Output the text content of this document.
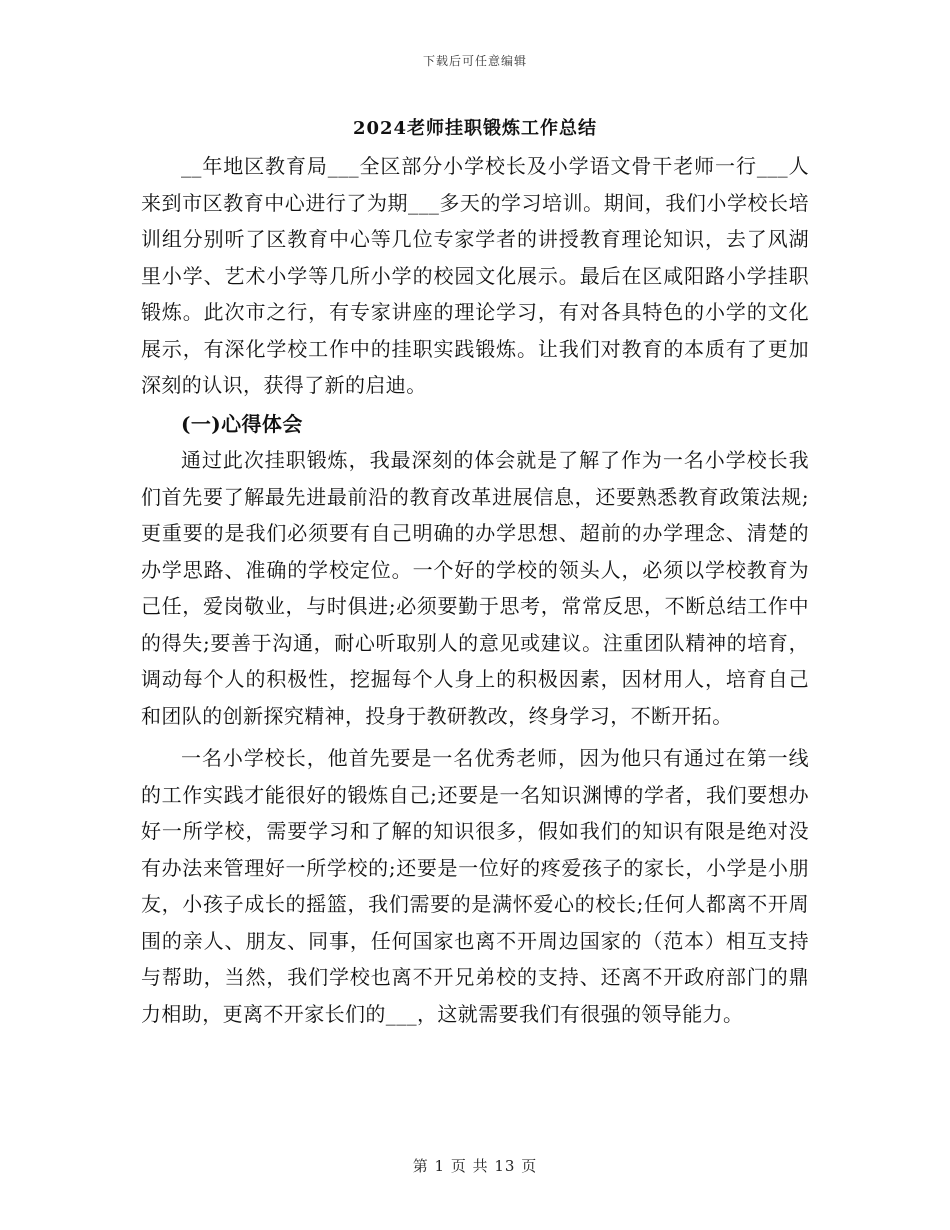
下载后可任意编辑
2024老师挂职锻炼工作总结

__年地区教育局___全区部分小学校长及小学语文骨干老师一行___人来到市区教育中心进行了为期___多天的学习培训。期间，我们小学校长培训组分别听了区教育中心等几位专家学者的讲授教育理论知识，去了风湖里小学、艺术小学等几所小学的校园文化展示。最后在区咸阳路小学挂职锻炼。此次市之行，有专家讲座的理论学习，有对各具特色的小学的文化展示，有深化学校工作中的挂职实践锻炼。让我们对教育的本质有了更加深刻的认识，获得了新的启迪。

(一)心得体会

通过此次挂职锻炼，我最深刻的体会就是了解了作为一名小学校长我们首先要了解最先进最前沿的教育改革进展信息，还要熟悉教育政策法规;更重要的是我们必须要有自己明确的办学思想、超前的办学理念、清楚的办学思路、准确的学校定位。一个好的学校的领头人，必须以学校教育为己任，爱岗敬业，与时俱进;必须要勤于思考，常常反思，不断总结工作中的得失;要善于沟通，耐心听取别人的意见或建议。注重团队精神的培育，调动每个人的积极性，挖掘每个人身上的积极因素，因材用人，培育自己和团队的创新探究精神，投身于教研教改，终身学习，不断开拓。

一名小学校长，他首先要是一名优秀老师，因为他只有通过在第一线的工作实践才能很好的锻炼自己;还要是一名知识渊博的学者，我们要想办好一所学校，需要学习和了解的知识很多，假如我们的知识有限是绝对没有办法来管理好一所学校的;还要是一位好的疼爱孩子的家长，小学是小朋友，小孩子成长的摇篮，我们需要的是满怀爱心的校长;任何人都离不开周围的亲人、朋友、同事，任何国家也离不开周边国家的（范本）相互支持与帮助，当然，我们学校也离不开兄弟校的支持、还离不开政府部门的鼎力相助，更离不开家长们的___，这就需要我们有很强的领导能力。

第 1 页 共 13 页
